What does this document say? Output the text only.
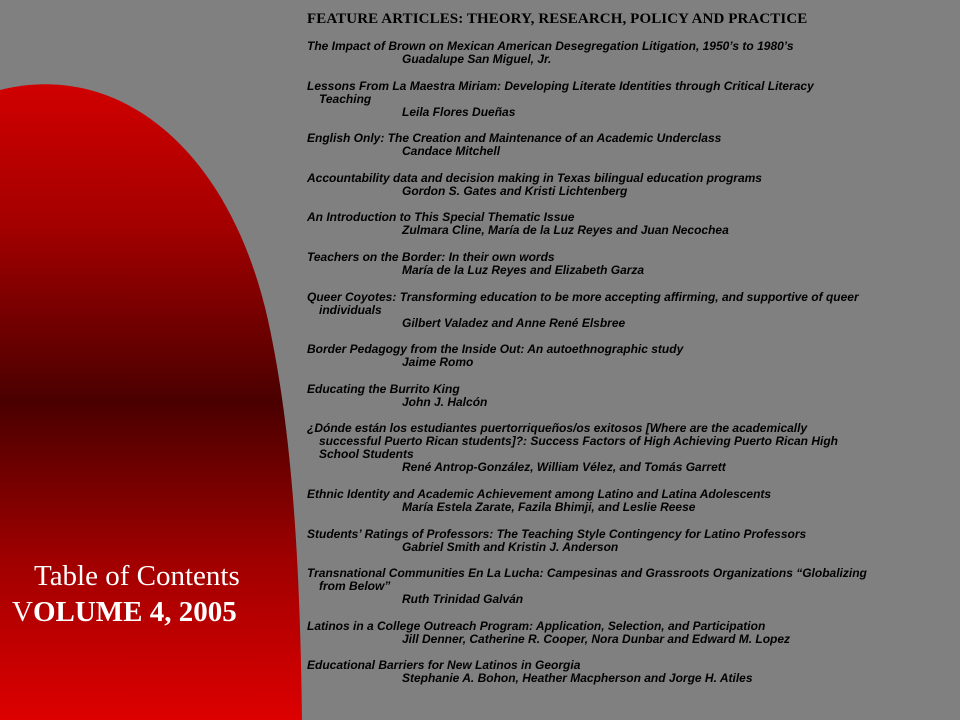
Table of Contents
VOLUME 4, 2005
FEATURE ARTICLES: THEORY, RESEARCH, POLICY AND PRACTICE
The Impact of Brown on Mexican American Desegregation Litigation, 1950’s to 1980’s
Guadalupe San Miguel, Jr.
Lessons From La Maestra Miriam: Developing Literate Identities through Critical Literacy Teaching
Leila Flores Dueñas
English Only: The Creation and Maintenance of an Academic Underclass
Candace Mitchell
Accountability data and decision making in Texas bilingual education programs
Gordon S. Gates and Kristi Lichtenberg
An Introduction to This Special Thematic Issue
Zulmara Cline, María de la Luz Reyes and Juan Necochea
Teachers on the Border: In their own words
María de la Luz Reyes and Elizabeth Garza
Queer Coyotes: Transforming education to be more accepting affirming, and supportive of queer individuals
Gilbert Valadez and Anne René Elsbree
Border Pedagogy from the Inside Out: An autoethnographic study
Jaime Romo
Educating the Burrito King
John J. Halcón
¿Dónde están los estudiantes puertorriqueños/os exitosos [Where are the academically successful Puerto Rican students]?: Success Factors of High Achieving Puerto Rican High School Students
René Antrop-González, William Vélez, and Tomás Garrett
Ethnic Identity and Academic Achievement among Latino and Latina Adolescents
María Estela Zarate, Fazila Bhimji, and Leslie Reese
Students’ Ratings of Professors: The Teaching Style Contingency for Latino Professors
Gabriel Smith and Kristin J. Anderson
Transnational Communities En La Lucha: Campesinas and Grassroots Organizations “Globalizing from Below”
Ruth Trinidad Galván
Latinos in a College Outreach Program: Application, Selection, and Participation
Jill Denner, Catherine R. Cooper, Nora Dunbar and Edward M. Lopez
Educational Barriers for New Latinos in Georgia
Stephanie A. Bohon, Heather Macpherson and Jorge H. Atiles
